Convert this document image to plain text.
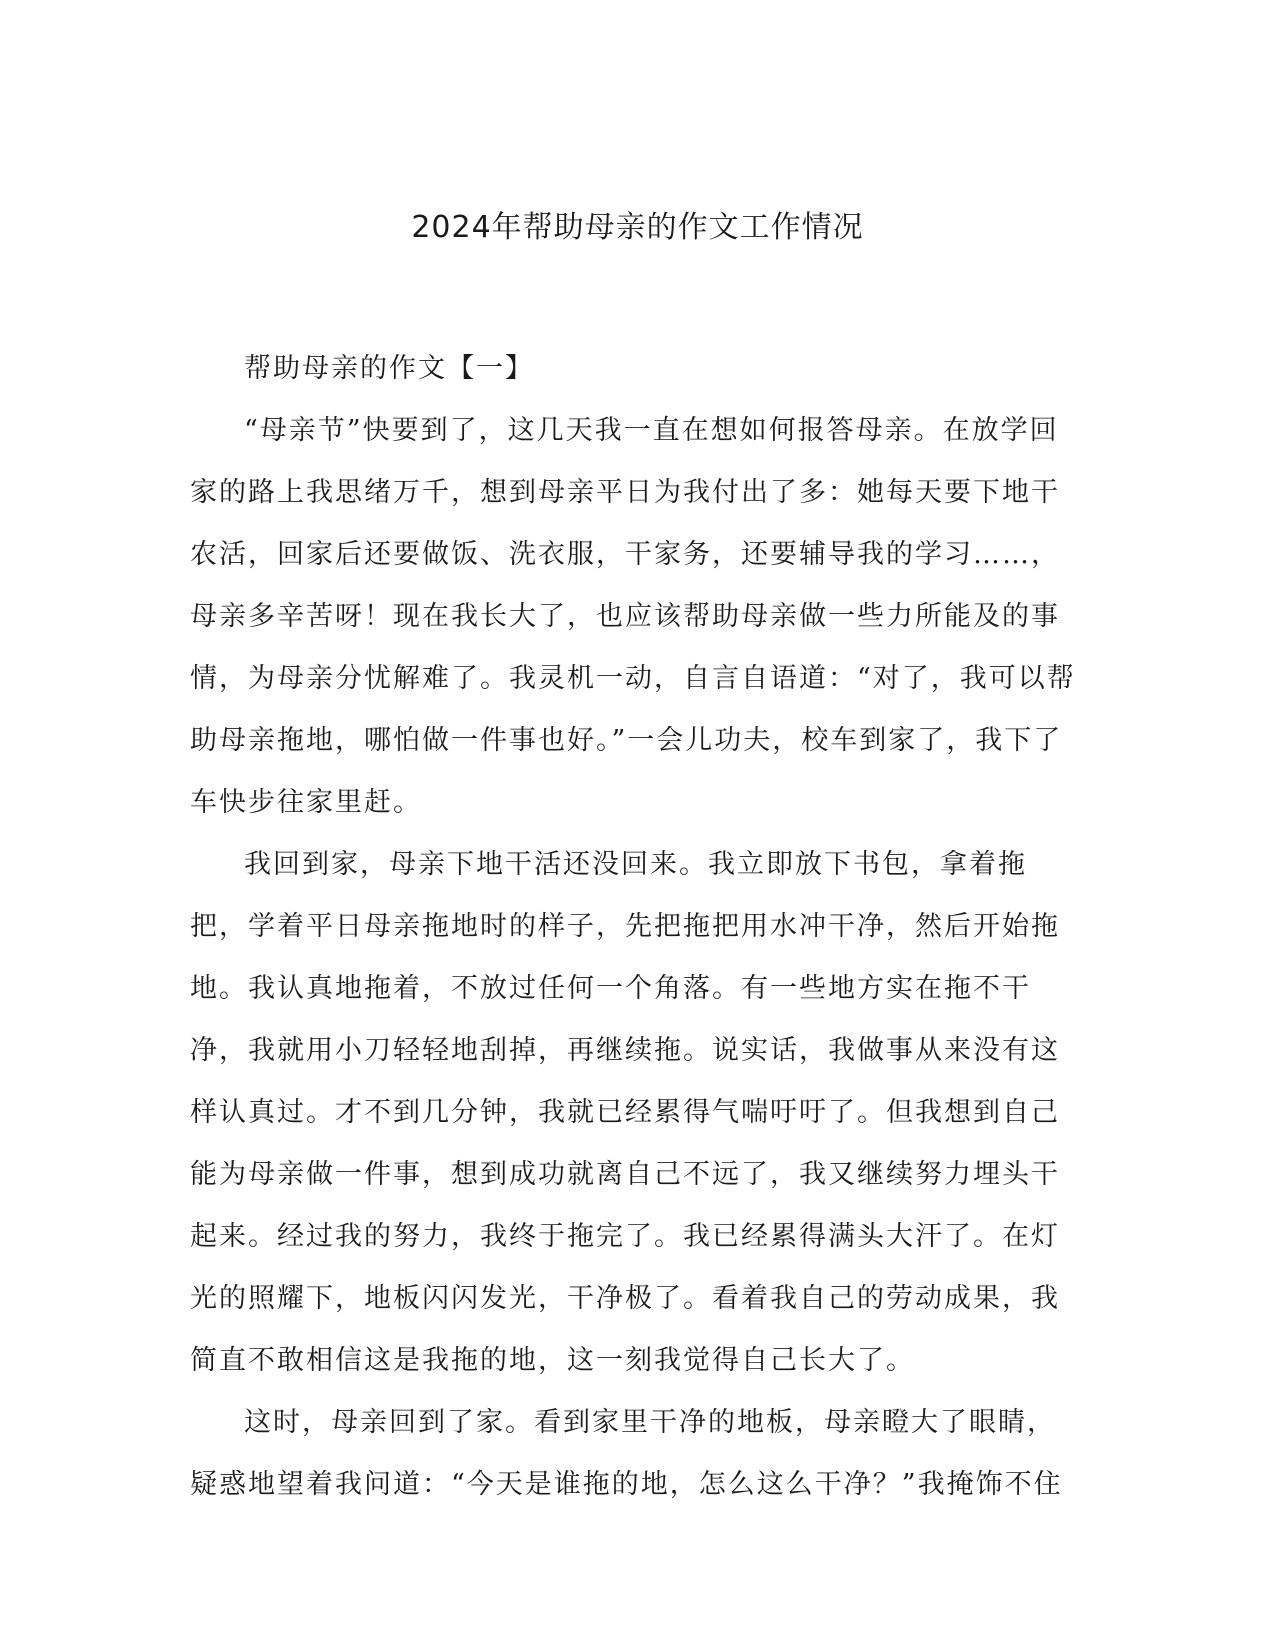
2024年帮助母亲的作文工作情况

帮助母亲的作文【一】

“母亲节”快要到了，这几天我一直在想如何报答母亲。在放学回家的路上我思绪万千，想到母亲平日为我付出了多：她每天要下地干农活，回家后还要做饭、洗衣服，干家务，还要辅导我的学习……，母亲多辛苦呀！现在我长大了，也应该帮助母亲做一些力所能及的事情，为母亲分忧解难了。我灵机一动，自言自语道：“对了，我可以帮助母亲拖地，哪怕做一件事也好。”一会儿功夫，校车到家了，我下了车快步往家里赶。

我回到家，母亲下地干活还没回来。我立即放下书包，拿着拖把，学着平日母亲拖地时的样子，先把拖把用水冲干净，然后开始拖地。我认真地拖着，不放过任何一个角落。有一些地方实在拖不干净，我就用小刀轻轻地刮掉，再继续拖。说实话，我做事从来没有这样认真过。才不到几分钟，我就已经累得气喘吁吁了。但我想到自己能为母亲做一件事，想到成功就离自己不远了，我又继续努力埋头干起来。经过我的努力，我终于拖完了。我已经累得满头大汗了。在灯光的照耀下，地板闪闪发光，干净极了。看着我自己的劳动成果，我简直不敢相信这是我拖的地，这一刻我觉得自己长大了。

这时，母亲回到了家。看到家里干净的地板，母亲瞪大了眼睛，疑惑地望着我问道：“今天是谁拖的地，怎么这么干净？”我掩饰不住
